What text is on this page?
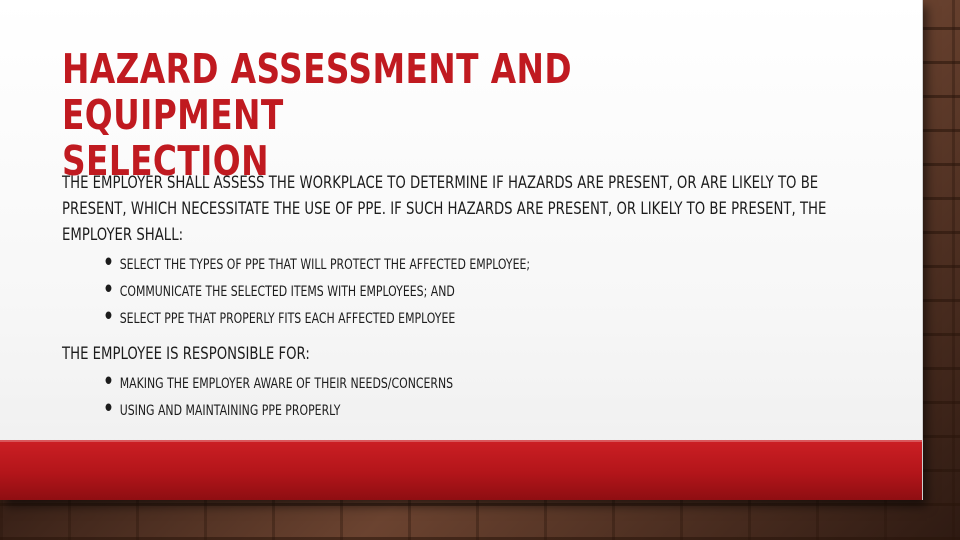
HAZARD ASSESSMENT AND EQUIPMENT
SELECTION

THE EMPLOYER SHALL ASSESS THE WORKPLACE TO DETERMINE IF HAZARDS ARE PRESENT, OR ARE LIKELY TO BE
PRESENT, WHICH NECESSITATE THE USE OF PPE. IF SUCH HAZARDS ARE PRESENT, OR LIKELY TO BE PRESENT, THE
EMPLOYER SHALL:

• SELECT THE TYPES OF PPE THAT WILL PROTECT THE AFFECTED EMPLOYEE;
• COMMUNICATE THE SELECTED ITEMS WITH EMPLOYEES; AND
• SELECT PPE THAT PROPERLY FITS EACH AFFECTED EMPLOYEE

THE EMPLOYEE IS RESPONSIBLE FOR:

• MAKING THE EMPLOYER AWARE OF THEIR NEEDS/CONCERNS
• USING AND MAINTAINING PPE PROPERLY
